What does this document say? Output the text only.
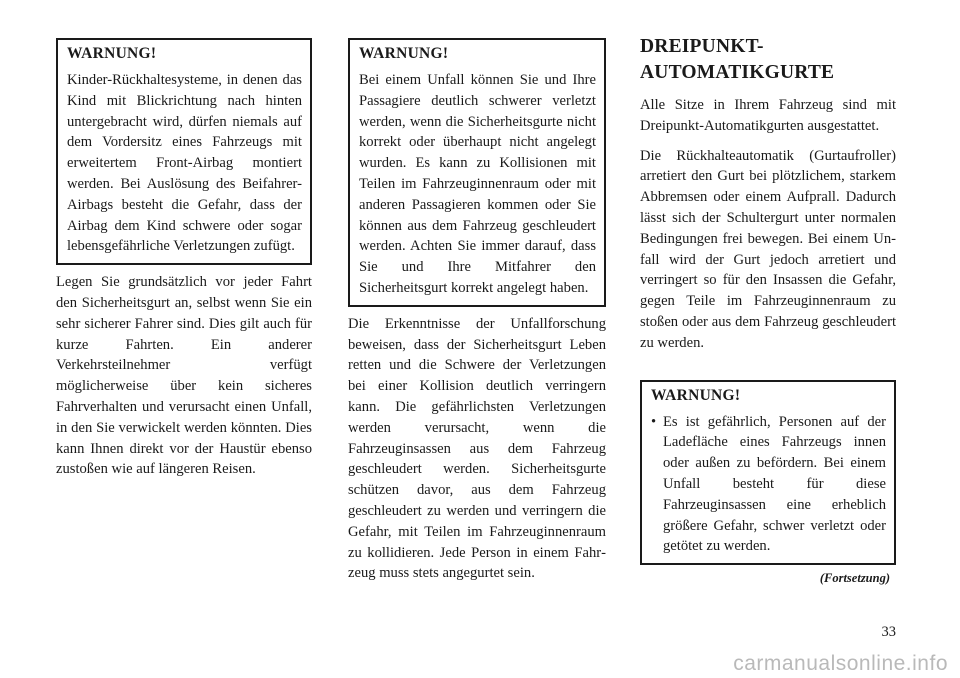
WARNUNG!

Kinder-Rückhaltesysteme, in denen das Kind mit Blickrichtung nach hinten untergebracht wird, dürfen niemals auf dem Vordersitz eines Fahrzeugs mit erweitertem Front-Airbag montiert werden. Bei Auslösung des Beifahrer-Airbags besteht die Gefahr, dass der Airbag dem Kind schwere oder sogar lebensgefährliche Verletzungen zufügt.

Legen Sie grundsätzlich vor jeder Fahrt den Sicherheitsgurt an, selbst wenn Sie ein sehr sicherer Fahrer sind. Dies gilt auch für kurze Fahrten. Ein anderer Verkehrsteilnehmer verfügt möglicherweise über kein sicheres Fahrverhalten und verursacht einen Unfall, in den Sie verwickelt werden könnten. Dies kann Ihnen direkt vor der Haustür ebenso zustoßen wie auf längeren Reisen.

WARNUNG!

Bei einem Unfall können Sie und Ihre Passagiere deutlich schwerer verletzt werden, wenn die Sicherheitsgurte nicht korrekt oder überhaupt nicht angelegt wurden. Es kann zu Kollisionen mit Teilen im Fahrzeuginnenraum oder mit anderen Passagieren kommen oder Sie können aus dem Fahrzeug geschleudert werden. Achten Sie immer darauf, dass Sie und Ihre Mitfahrer den Sicherheitsgurt korrekt angelegt haben.

Die Erkenntnisse der Unfallforschung beweisen, dass der Sicherheitsgurt Leben retten und die Schwere der Verletzungen bei einer Kollision deutlich verringern kann. Die gefährlichsten Verletzungen werden verursacht, wenn die Fahrzeuginsassen aus dem Fahrzeug geschleudert werden. Sicherheitsgurte schützen davor, aus dem Fahrzeug geschleudert zu werden und verringern die Gefahr, mit Teilen im Fahrzeuginnenraum zu kollidieren. Jede Person in einem Fahrzeug muss stets angegurtet sein.

DREIPUNKT-
AUTOMATIKGURTE

Alle Sitze in Ihrem Fahrzeug sind mit Dreipunkt-Automatikgurten ausgestattet.

Die Rückhalteautomatik (Gurtaufroller) arretiert den Gurt bei plötzlichem, starkem Abbremsen oder einem Aufprall. Dadurch lässt sich der Schultergurt unter normalen Bedingungen frei bewegen. Bei einem Unfall wird der Gurt jedoch arretiert und verringert so für den Insassen die Gefahr, gegen Teile im Fahrzeuginnenraum zu stoßen oder aus dem Fahrzeug geschleudert zu werden.

WARNUNG!
• Es ist gefährlich, Personen auf der Ladefläche eines Fahrzeugs innen oder außen zu befördern. Bei einem Unfall besteht für diese Fahrzeuginsassen eine erheblich größere Gefahr, schwer verletzt oder getötet zu werden.

(Fortsetzung)
33
carmanualsonline.info
